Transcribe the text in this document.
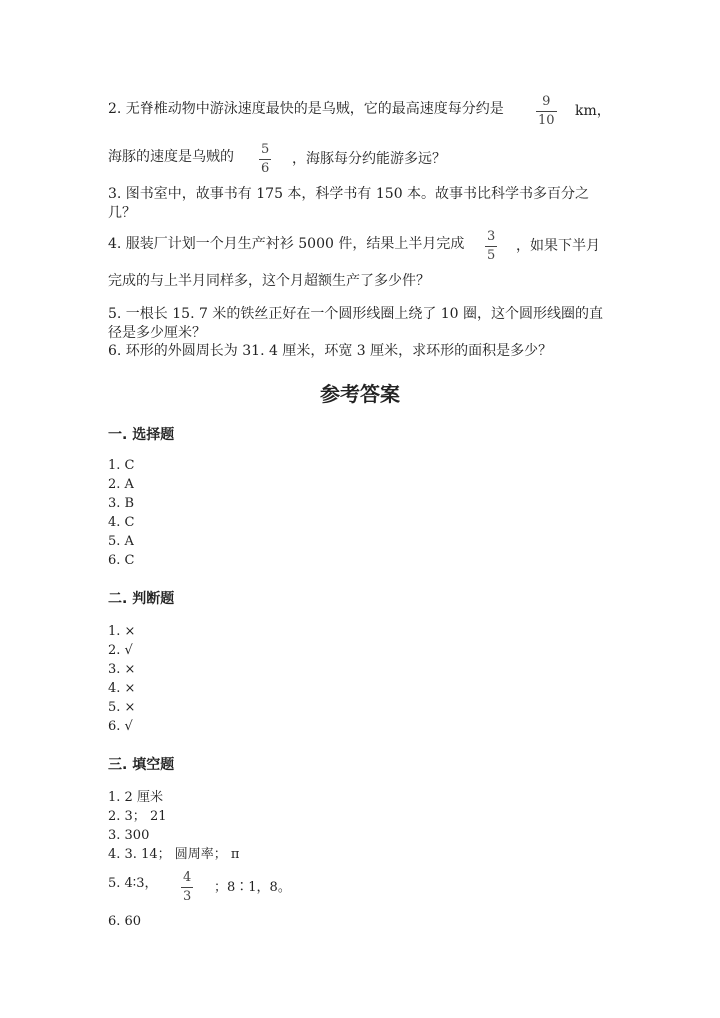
2. 无脊椎动物中游泳速度最快的是乌贼，它的最高速度每分约是	9
10
km，
海豚的速度是乌贼的 5
6
，海豚每分约能游多远？
3. 图书室中，故事书有 175 本，科学书有 150 本。故事书比科学书多百分之
几？
4. 服装厂计划一个月生产衬衫 5000 件，结果上半月完成 3
5
，如果下半月
完成的与上半月同样多，这个月超额生产了多少件？
5. 一根长 15. 7 米的铁丝正好在一个圆形线圈上绕了 10 圈，这个圆形线圈的直
径是多少厘米？
6. 环形的外圆周长为 31. 4 厘米，环宽 3 厘米，求环形的面积是多少？
参考答案
一. 选择题
1. C
2. A
3. B
4. C
5. A
6. C
二. 判断题
1. ×
2. √
3. ×
4. ×
5. ×
6. √
三. 填空题
1. 2 厘米
2. 3； 21
3. 300
4. 3. 14； 圆周率； π
5. 4∶3， 4
3
；8∶1，8。
6. 60
